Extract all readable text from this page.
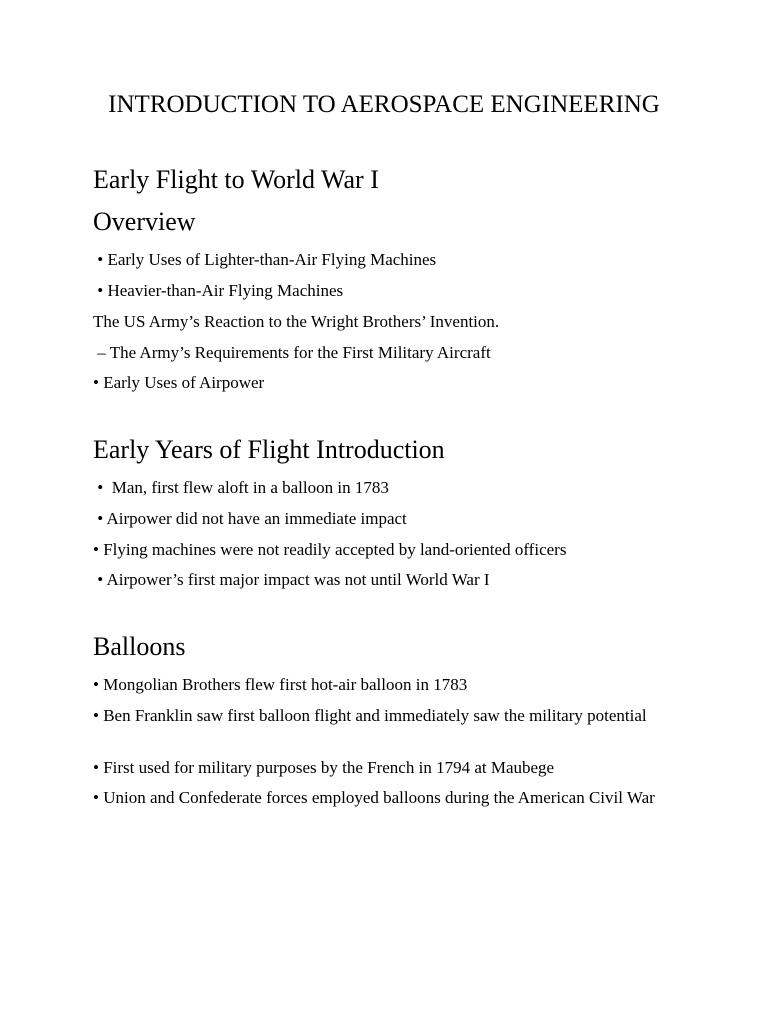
INTRODUCTION TO AEROSPACE ENGINEERING
Early Flight to World War I
Overview

• Early Uses of Lighter-than-Air Flying Machines

• Heavier-than-Air Flying Machines

The US Army’s Reaction to the Wright Brothers’ Invention.

– The Army’s Requirements for the First Military Aircraft

• Early Uses of Airpower

Early Years of Flight Introduction

•  Man, first flew aloft in a balloon in 1783

• Airpower did not have an immediate impact

• Flying machines were not readily accepted by land-oriented officers

• Airpower’s first major impact was not until World War I

Balloons

• Mongolian Brothers flew first hot-air balloon in 1783

• Ben Franklin saw first balloon flight and immediately saw the military potential

• First used for military purposes by the French in 1794 at Maubege

• Union and Confederate forces employed balloons during the American Civil War
